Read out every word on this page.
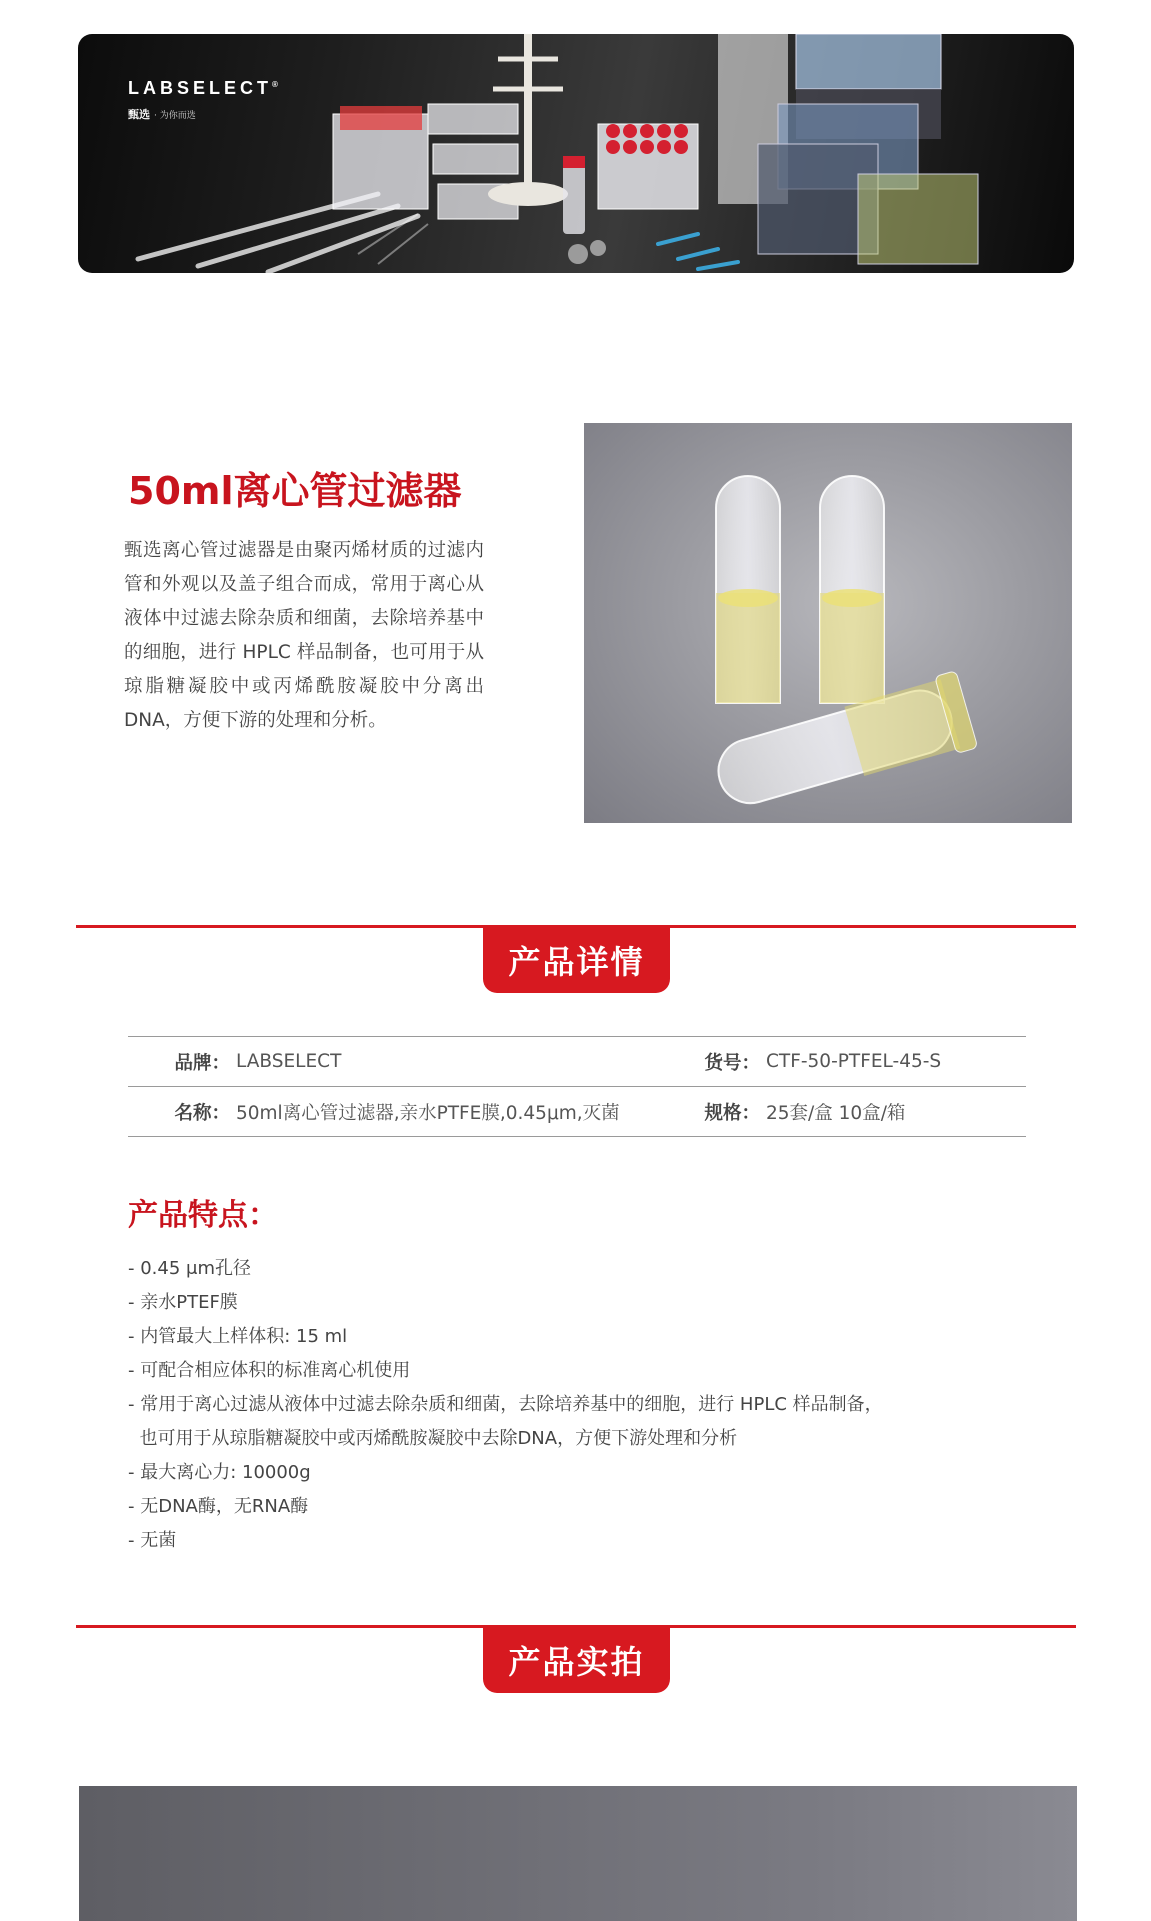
LABSELECT®
甄选 · 为你而选
50ml离心管过滤器
甄选离心管过滤器是由聚丙烯材质的过滤内管和外观以及盖子组合而成，常用于离心从液体中过滤去除杂质和细菌，去除培养基中的细胞，进行 HPLC 样品制备，也可用于从琼脂糖凝胶中或丙烯酰胺凝胶中分离出DNA，方便下游的处理和分析。
产品详情
品牌： LABSELECT	货号： CTF-50-PTFEL-45-S
名称： 50ml离心管过滤器,亲水PTFE膜,0.45μm,灭菌	规格： 25套/盒 10盒/箱
产品特点：
- 0.45 μm孔径
- 亲水PTEF膜
- 内管最大上样体积: 15 ml
- 可配合相应体积的标准离心机使用
- 常用于离心过滤从液体中过滤去除杂质和细菌，去除培养基中的细胞，进行 HPLC 样品制备，
也可用于从琼脂糖凝胶中或丙烯酰胺凝胶中去除DNA，方便下游处理和分析
- 最大离心力: 10000g
- 无DNA酶，无RNA酶
- 无菌
产品实拍
